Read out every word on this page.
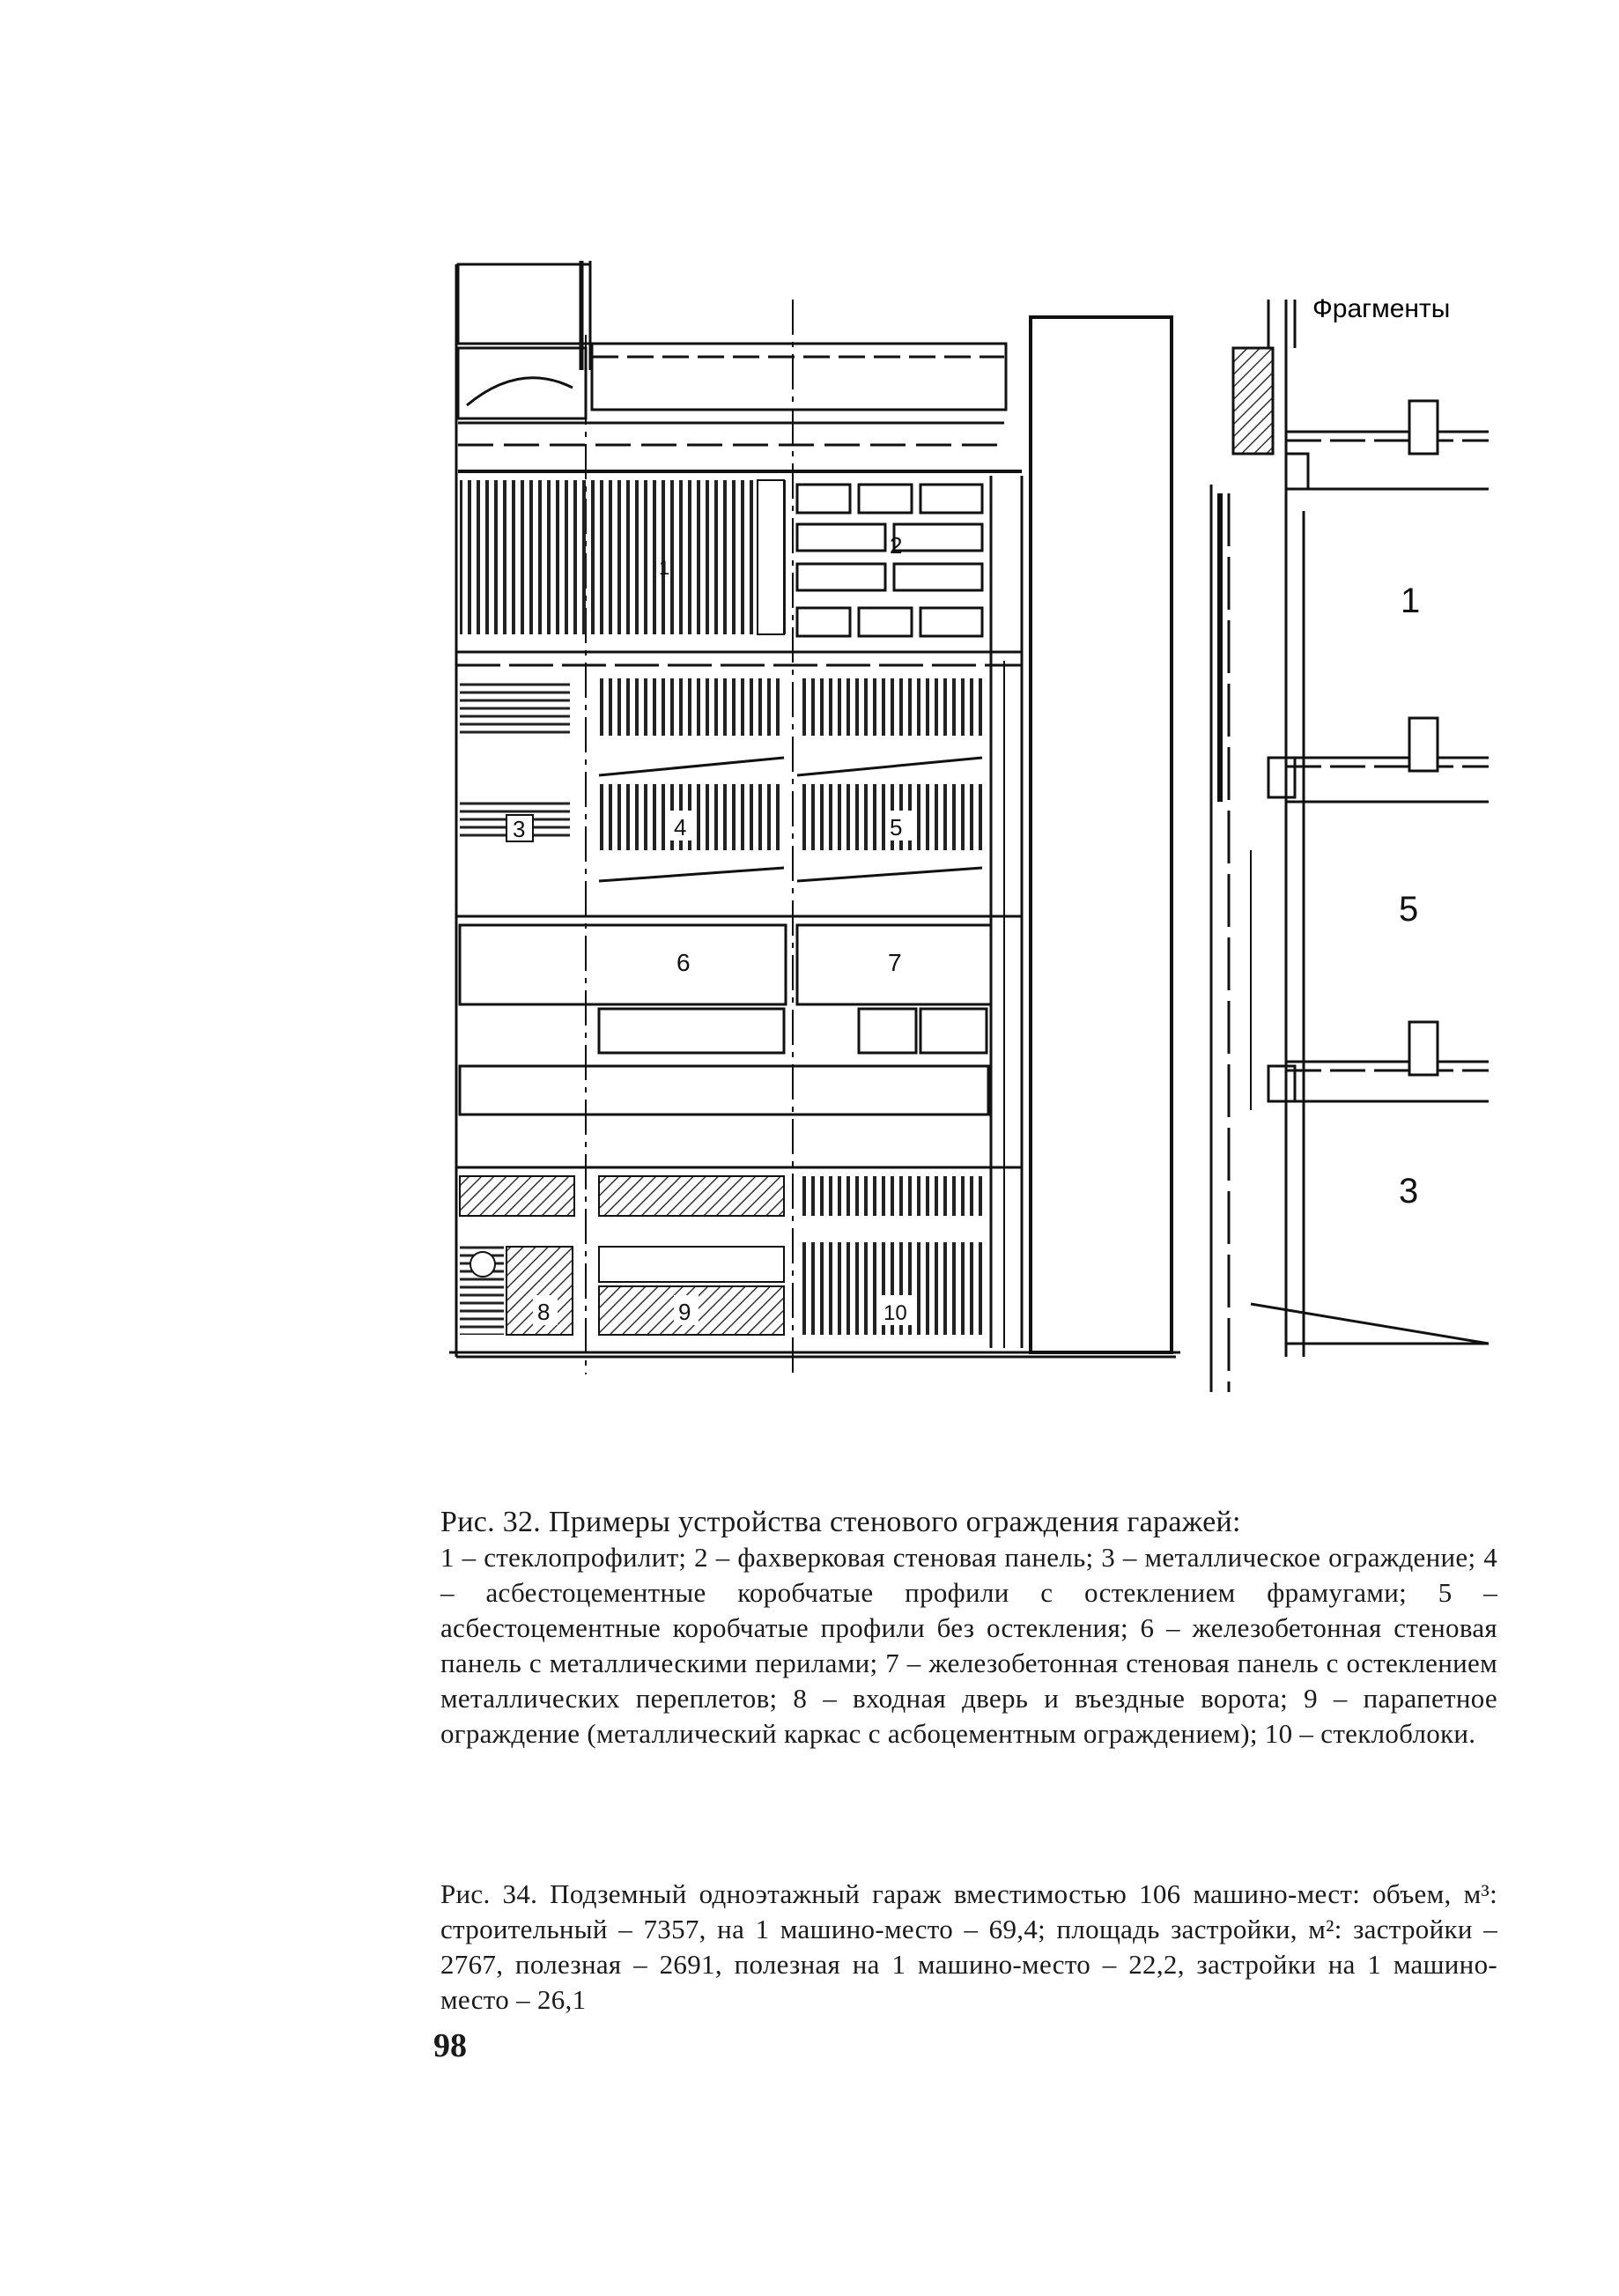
2
3	4	5
1
6	7
8	9	10
Фрагменты
1
5
3
Рис. 32. Примеры устройства стенового ограждения гаражей:
1 – стеклопрофилит; 2 – фахверковая стеновая панель; 3 – металлическое ограждение; 4 – асбестоцементные коробчатые профили с остеклением фрамугами; 5 – асбестоцементные коробчатые профили без остекления; 6 – железобетонная стеновая панель с металлическими перилами; 7 – железобетонная стеновая панель с остеклением металлических переплетов; 8 – входная дверь и въездные ворота; 9 – парапетное ограждение (металлический каркас с асбоцементным ограждением); 10 – стеклоблоки.
Рис. 34. Подземный одноэтажный гараж вместимостью 106 машино-мест: объем, м³: строительный – 7357, на 1 машино-место – 69,4; площадь застройки, м²: застройки – 2767, полезная – 2691, полезная на 1 машино-место – 22,2, застройки на 1 машино-место – 26,1
98
